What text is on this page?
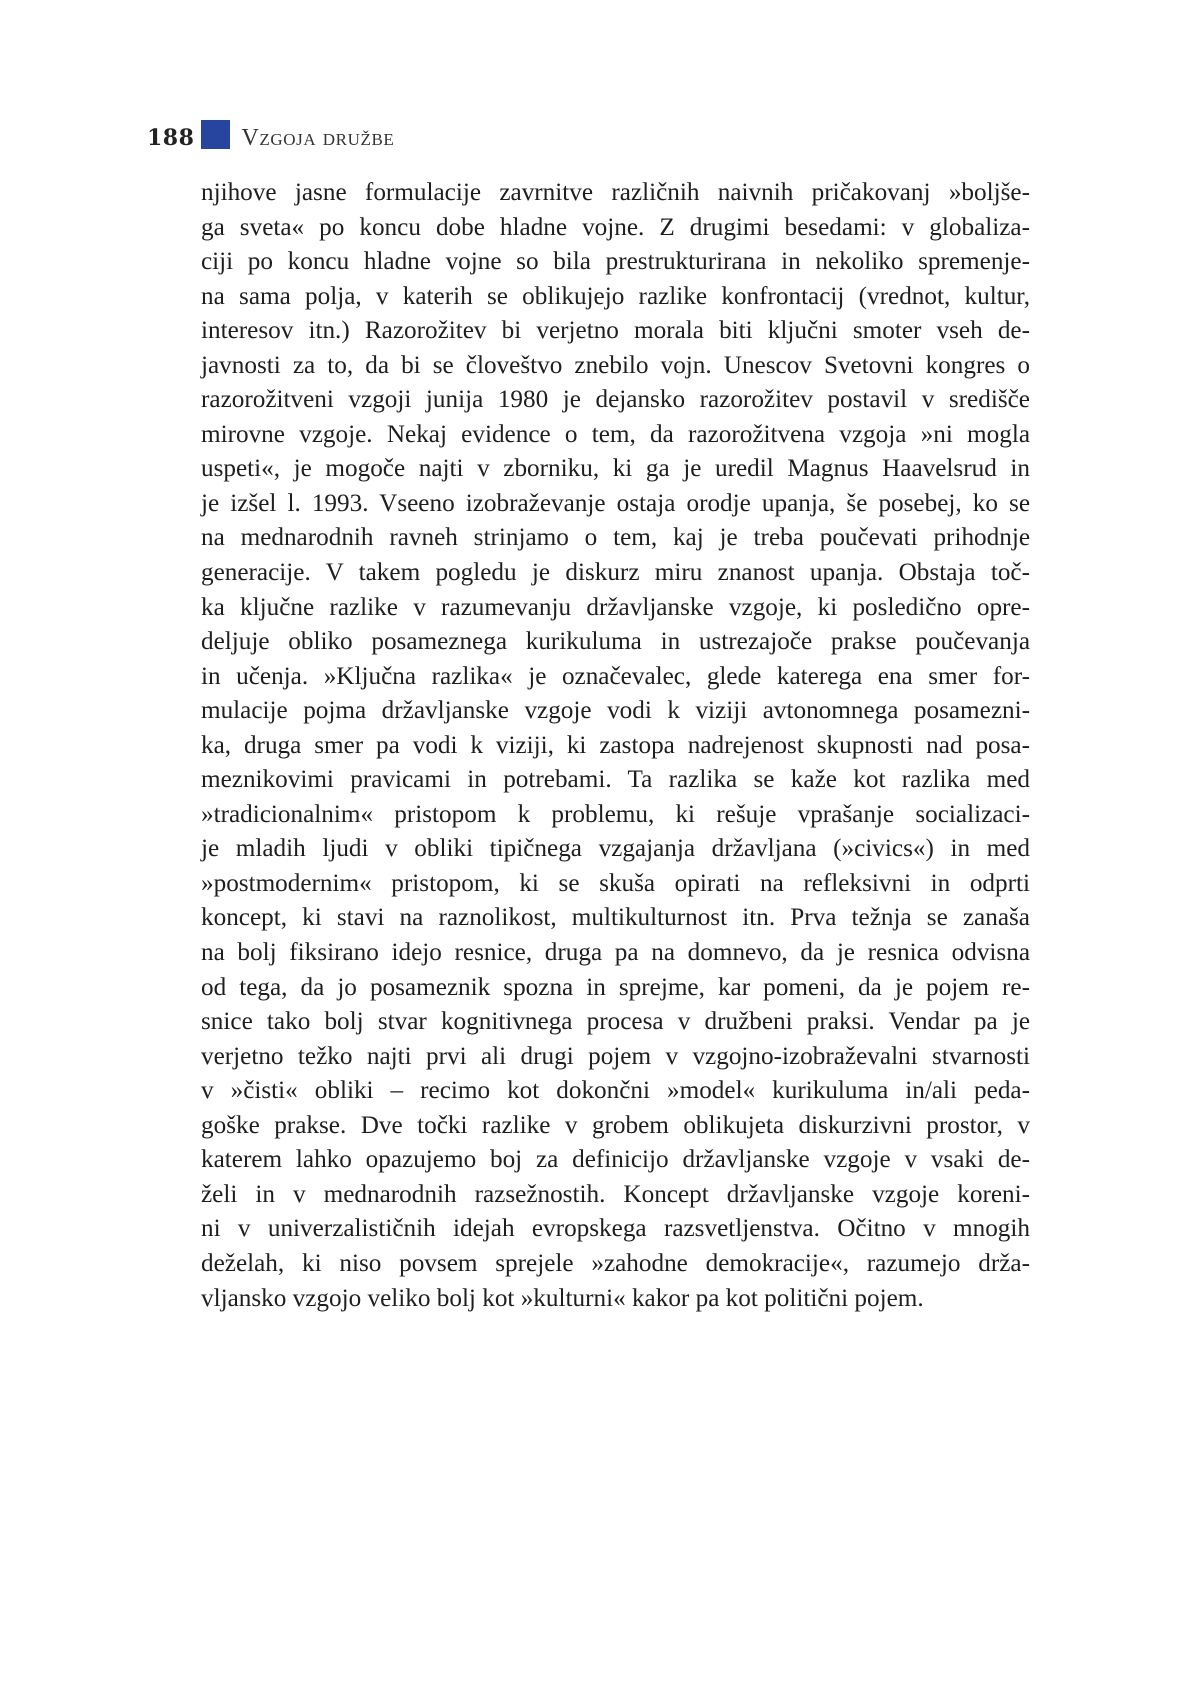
188 Vzgoja družbe
njihove jasne formulacije zavrnitve različnih naivnih pričakovanj »boljše-
ga sveta« po koncu dobe hladne vojne. Z drugimi besedami: v globaliza-
ciji po koncu hladne vojne so bila prestrukturirana in nekoliko spremenje-
na sama polja, v katerih se oblikujejo razlike konfrontacij (vrednot, kultur,
interesov itn.) Razorožitev bi verjetno morala biti ključni smoter vseh de-
javnosti za to, da bi se človeštvo znebilo vojn. Unescov Svetovni kongres o
razorožitveni vzgoji junija 1980 je dejansko razorožitev postavil v središče
mirovne vzgoje. Nekaj evidence o tem, da razorožitvena vzgoja »ni mogla
uspeti«, je mogoče najti v zborniku, ki ga je uredil Magnus Haavelsrud in
je izšel l. 1993. Vseeno izobraževanje ostaja orodje upanja, še posebej, ko se
na mednarodnih ravneh strinjamo o tem, kaj je treba poučevati prihodnje
generacije. V takem pogledu je diskurz miru znanost upanja. Obstaja toč-
ka ključne razlike v razumevanju državljanske vzgoje, ki posledično opre-
deljuje obliko posameznega kurikuluma in ustrezajoče prakse poučevanja
in učenja. »Ključna razlika« je označevalec, glede katerega ena smer for-
mulacije pojma državljanske vzgoje vodi k viziji avtonomnega posamezni-
ka, druga smer pa vodi k viziji, ki zastopa nadrejenost skupnosti nad posa-
meznikovimi pravicami in potrebami. Ta razlika se kaže kot razlika med
»tradicionalnim« pristopom k problemu, ki rešuje vprašanje socializaci-
je mladih ljudi v obliki tipičnega vzgajanja državljana (»civics«) in med
»postmodernim« pristopom, ki se skuša opirati na refleksivni in odprti
koncept, ki stavi na raznolikost, multikulturnost itn. Prva težnja se zanaša
na bolj fiksirano idejo resnice, druga pa na domnevo, da je resnica odvisna
od tega, da jo posameznik spozna in sprejme, kar pomeni, da je pojem re-
snice tako bolj stvar kognitivnega procesa v družbeni praksi. Vendar pa je
verjetno težko najti prvi ali drugi pojem v vzgojno-izobraževalni stvarnosti
v »čisti« obliki – recimo kot dokončni »model« kurikuluma in/ali peda-
goške prakse. Dve točki razlike v grobem oblikujeta diskurzivni prostor, v
katerem lahko opazujemo boj za definicijo državljanske vzgoje v vsaki de-
želi in v mednarodnih razsežnostih. Koncept državljanske vzgoje koreni-
ni v univerzalističnih idejah evropskega razsvetljenstva. Očitno v mnogih
deželah, ki niso povsem sprejele »zahodne demokracije«, razumejo drža-
vljansko vzgojo veliko bolj kot »kulturni« kakor pa kot politični pojem.
